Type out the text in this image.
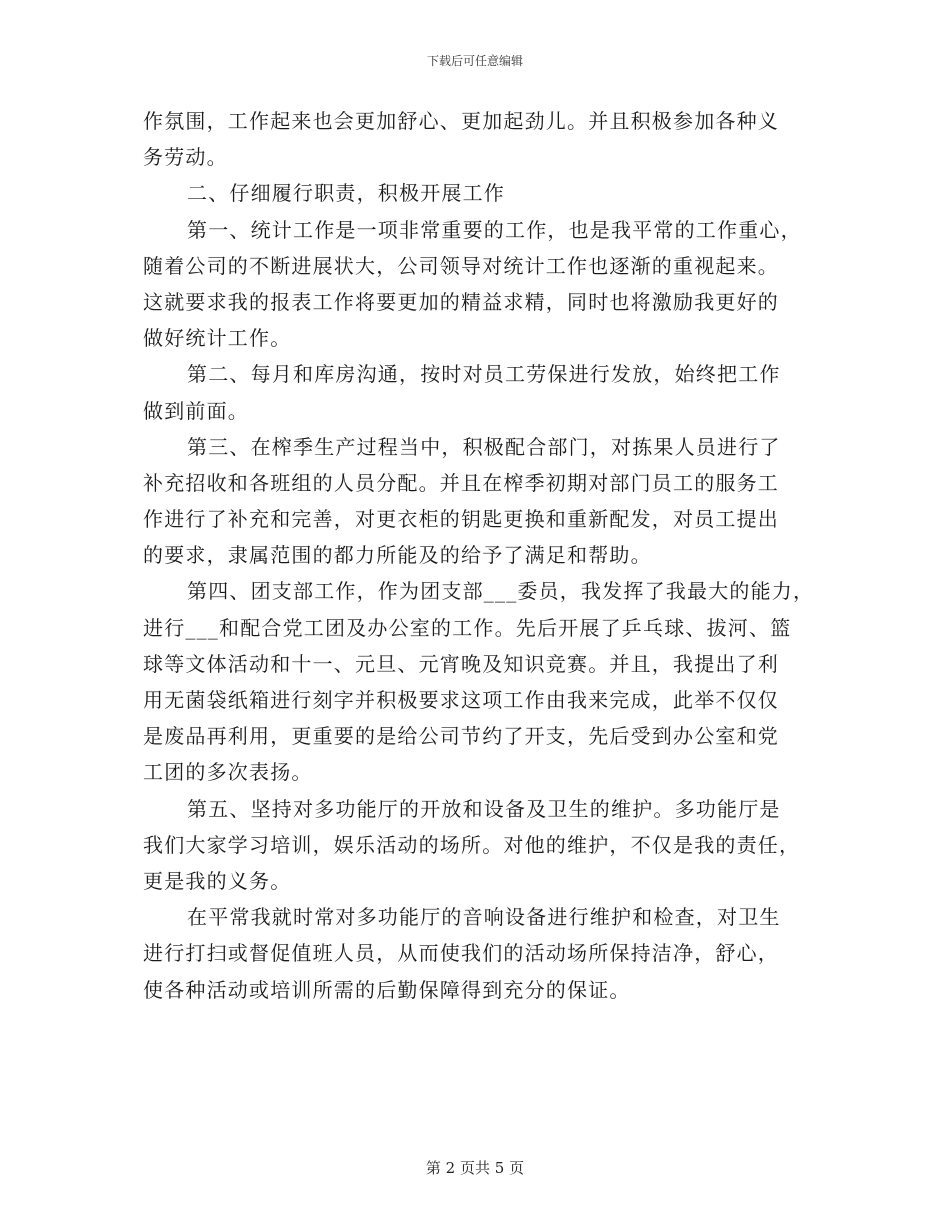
下载后可任意编辑
作氛围，工作起来也会更加舒心、更加起劲儿。并且积极参加各种义
务劳动。
二、仔细履行职责，积极开展工作
第一、统计工作是一项非常重要的工作，也是我平常的工作重心，
随着公司的不断进展状大，公司领导对统计工作也逐渐的重视起来。
这就要求我的报表工作将要更加的精益求精，同时也将激励我更好的
做好统计工作。
第二、每月和库房沟通，按时对员工劳保进行发放，始终把工作
做到前面。
第三、在榨季生产过程当中，积极配合部门，对拣果人员进行了
补充招收和各班组的人员分配。并且在榨季初期对部门员工的服务工
作进行了补充和完善，对更衣柜的钥匙更换和重新配发，对员工提出
的要求，隶属范围的都力所能及的给予了满足和帮助。
第四、团支部工作，作为团支部___委员，我发挥了我最大的能力，
进行___和配合党工团及办公室的工作。先后开展了乒乓球、拔河、篮
球等文体活动和十一、元旦、元宵晚及知识竞赛。并且，我提出了利
用无菌袋纸箱进行刻字并积极要求这项工作由我来完成，此举不仅仅
是废品再利用，更重要的是给公司节约了开支，先后受到办公室和党
工团的多次表扬。
第五、坚持对多功能厅的开放和设备及卫生的维护。多功能厅是
我们大家学习培训，娱乐活动的场所。对他的维护，不仅是我的责任，
更是我的义务。
在平常我就时常对多功能厅的音响设备进行维护和检查，对卫生
进行打扫或督促值班人员，从而使我们的活动场所保持洁净，舒心，
使各种活动或培训所需的后勤保障得到充分的保证。
第 2 页共 5 页
